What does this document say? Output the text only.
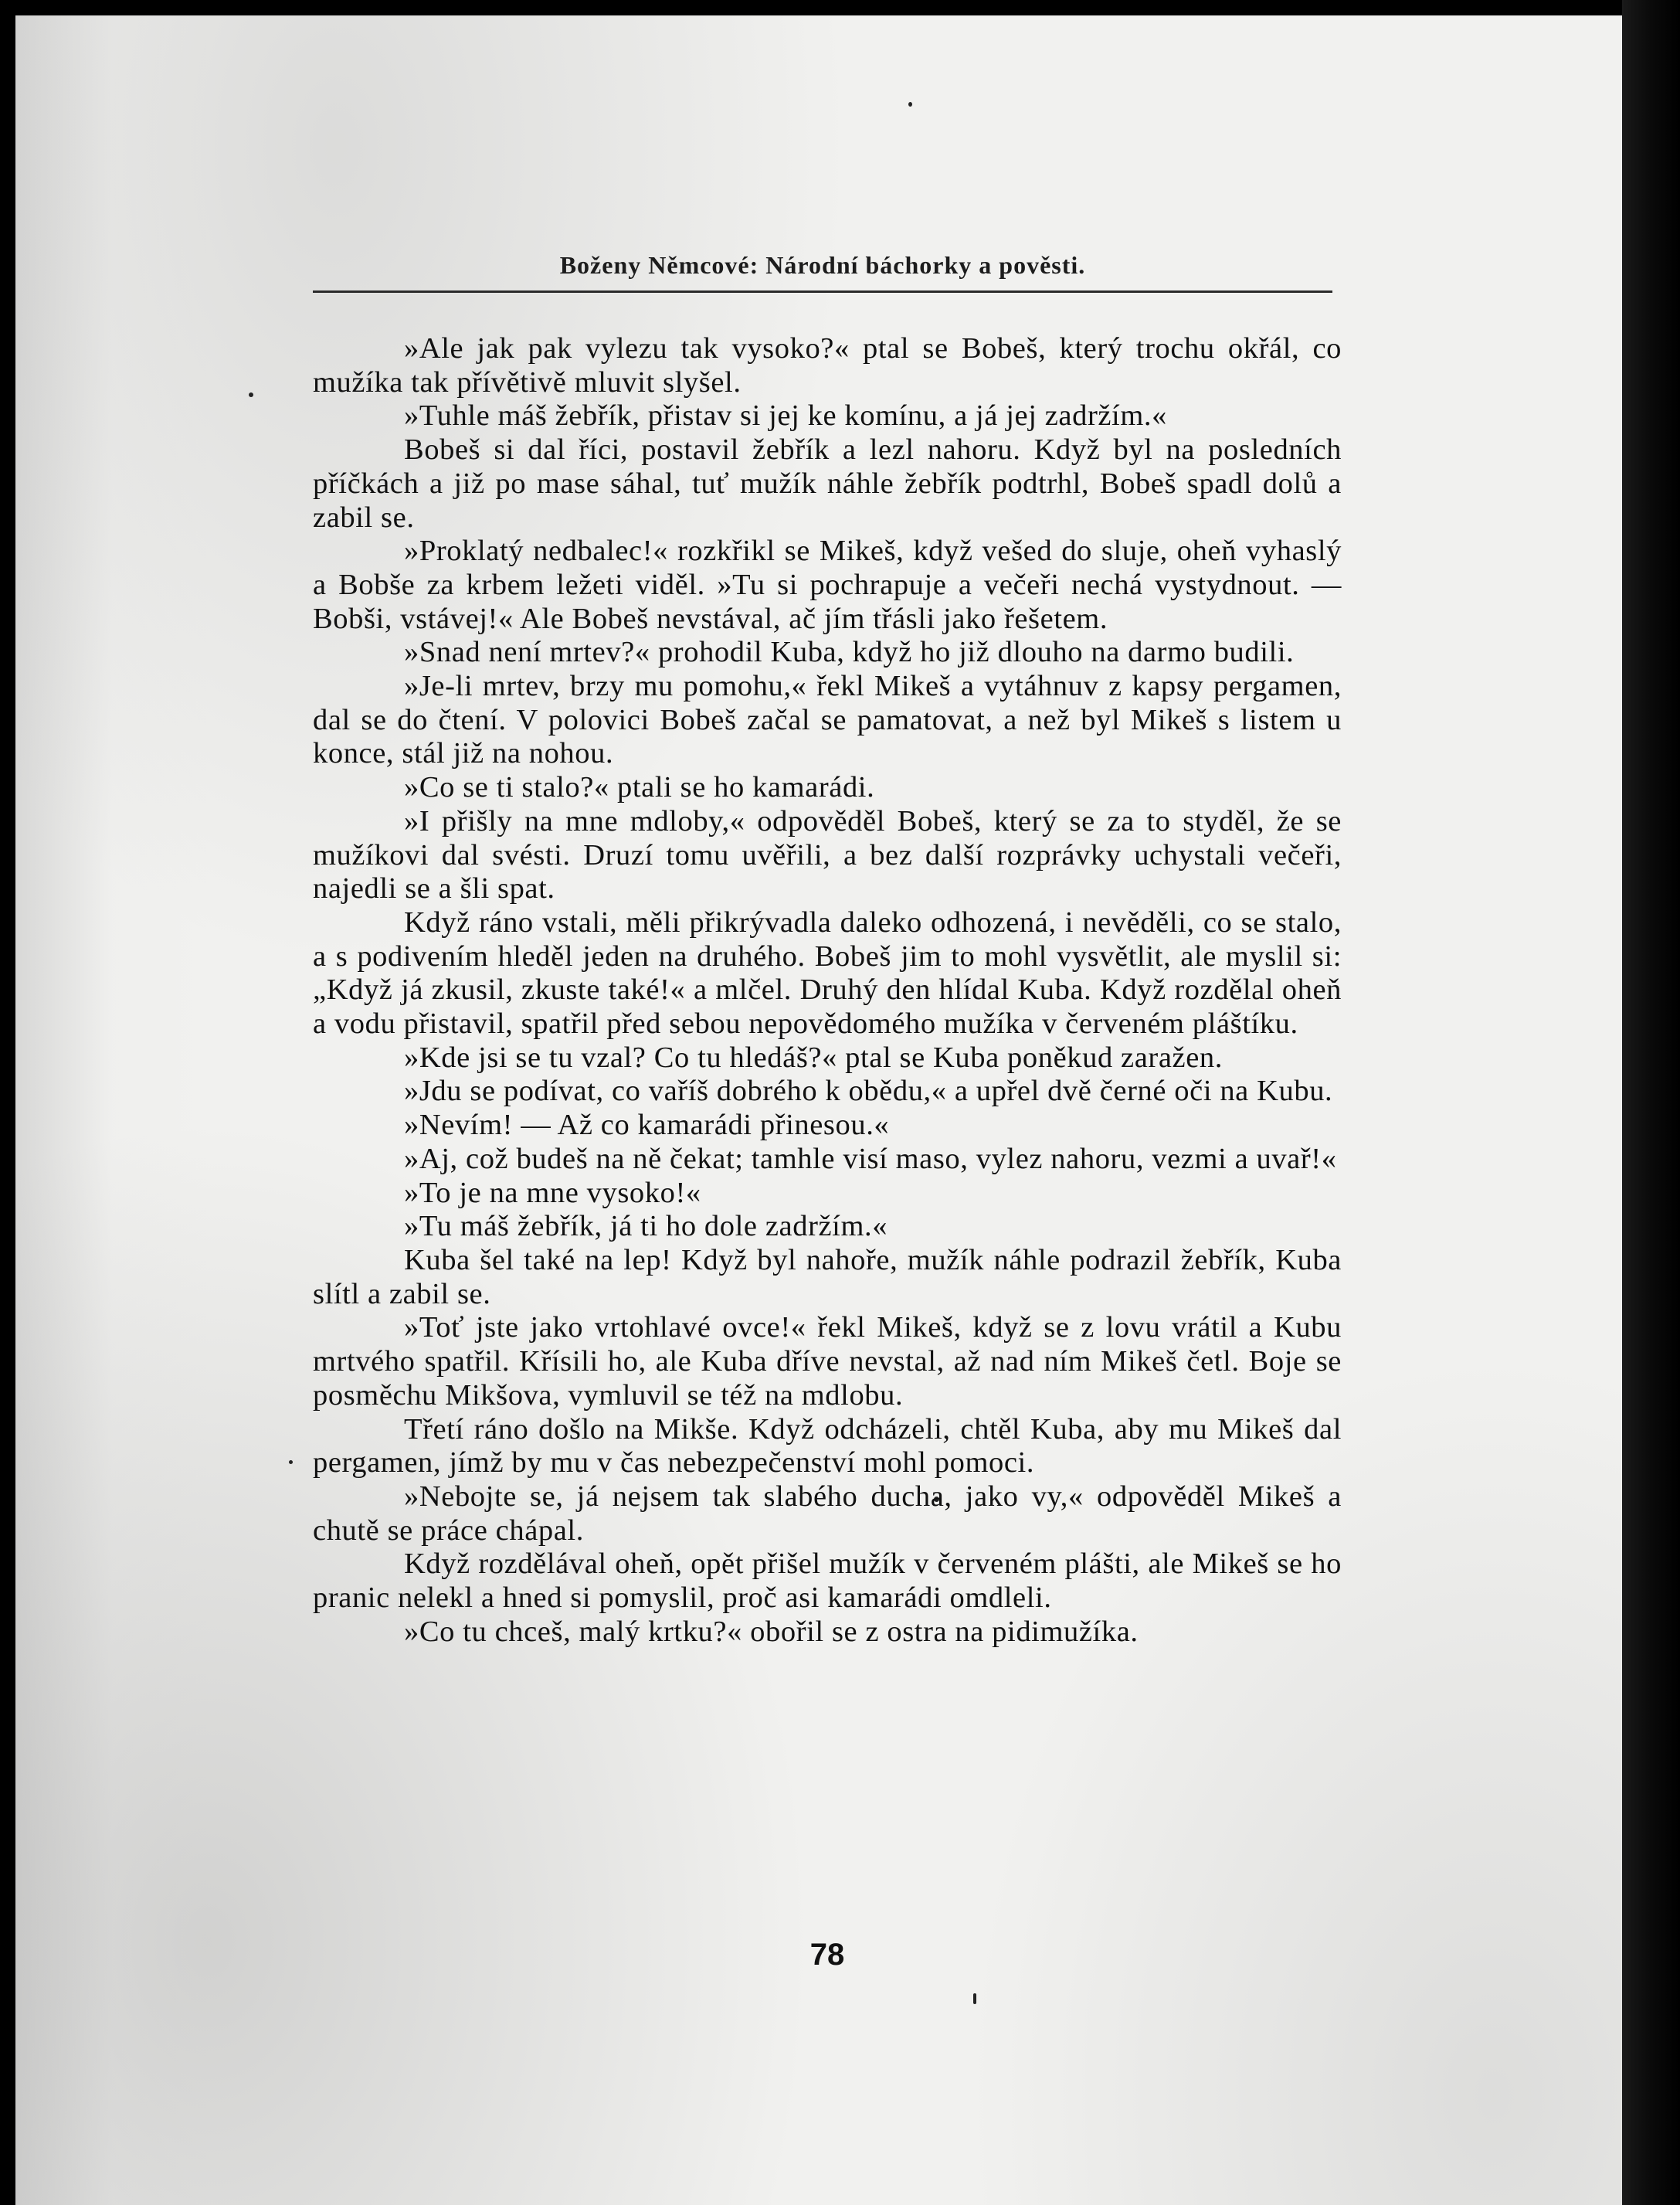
Boženy Němcové: Národní báchorky a pověsti.

»Ale jak pak vylezu tak vysoko?« ptal se Bobeš, který trochu okřál, co mužíka tak přívětivě mluvit slyšel.

»Tuhle máš žebřík, přistav si jej ke komínu, a já jej zadržím.«

Bobeš si dal říci, postavil žebřík a lezl nahoru. Když byl na posledních příčkách a již po mase sáhal, tuť mužík náhle žebřík podtrhl, Bobeš spadl dolů a zabil se.

»Proklatý nedbalec!« rozkřikl se Mikeš, když vešed do sluje, oheň vyhaslý a Bobše za krbem ležeti viděl. »Tu si pochrapuje a večeři nechá vystydnout. — Bobši, vstávej!« Ale Bobeš nevstával, ač jím třásli jako řešetem.

»Snad není mrtev?« prohodil Kuba, když ho již dlouho na darmo budili.

»Je-li mrtev, brzy mu pomohu,« řekl Mikeš a vytáhnuv z kapsy pergamen, dal se do čtení. V polovici Bobeš začal se pamatovat, a než byl Mikeš s listem u konce, stál již na nohou.

»Co se ti stalo?« ptali se ho kamarádi.

»I přišly na mne mdloby,« odpověděl Bobeš, který se za to styděl, že se mužíkovi dal svésti. Druzí tomu uvěřili, a bez další rozprávky uchystali večeři, najedli se a šli spat.

Když ráno vstali, měli přikrývadla daleko odhozená, i nevěděli, co se stalo, a s podivením hleděl jeden na druhého. Bobeš jim to mohl vysvětlit, ale myslil si: „Když já zkusil, zkuste také!« a mlčel. Druhý den hlídal Kuba. Když rozdělal oheň a vodu přistavil, spatřil před sebou nepovědomého mužíka v červeném pláštíku.

»Kde jsi se tu vzal? Co tu hledáš?« ptal se Kuba poněkud zaražen.

»Jdu se podívat, co vaříš dobrého k obědu,« a upřel dvě černé oči na Kubu.

»Nevím! — Až co kamarádi přinesou.«

»Aj, což budeš na ně čekat; tamhle visí maso, vylez nahoru, vezmi a uvař!«

»To je na mne vysoko!«

»Tu máš žebřík, já ti ho dole zadržím.«

Kuba šel také na lep! Když byl nahoře, mužík náhle podrazil žebřík, Kuba slítl a zabil se.

»Toť jste jako vrtohlavé ovce!« řekl Mikeš, když se z lovu vrátil a Kubu mrtvého spatřil. Křísili ho, ale Kuba dříve nevstal, až nad ním Mikeš četl. Boje se posměchu Mikšova, vymluvil se též na mdlobu.

Třetí ráno došlo na Mikše. Když odcházeli, chtěl Kuba, aby mu Mikeš dal pergamen, jímž by mu v čas nebezpečenství mohl pomoci.

»Nebojte se, já nejsem tak slabého ducha, jako vy,« odpověděl Mikeš a chutě se práce chápal.

Když rozdělával oheň, opět přišel mužík v červeném plášti, ale Mikeš se ho pranic nelekl a hned si pomyslil, proč asi kamarádi omdleli.

»Co tu chceš, malý krtku?« obořil se z ostra na pidimužíka.

78
